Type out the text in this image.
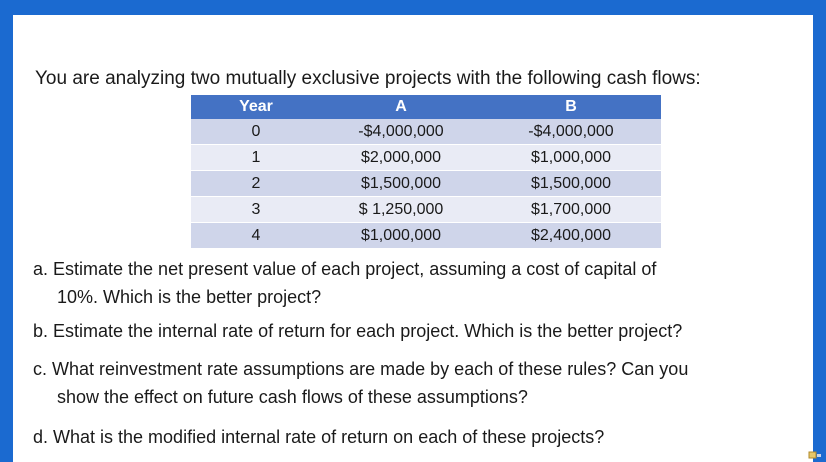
You are analyzing two mutually exclusive projects with the following cash flows:

Year	A	B
0	-$4,000,000	-$4,000,000
1	$2,000,000	$1,000,000
2	$1,500,000	$1,500,000
3	$ 1,250,000	$1,700,000
4	$1,000,000	$2,400,000

a. Estimate the net present value of each project, assuming a cost of capital of
10%. Which is the better project?

b. Estimate the internal rate of return for each project. Which is the better project?

c. What reinvestment rate assumptions are made by each of these rules? Can you
show the effect on future cash flows of these assumptions?

d. What is the modified internal rate of return on each of these projects?
